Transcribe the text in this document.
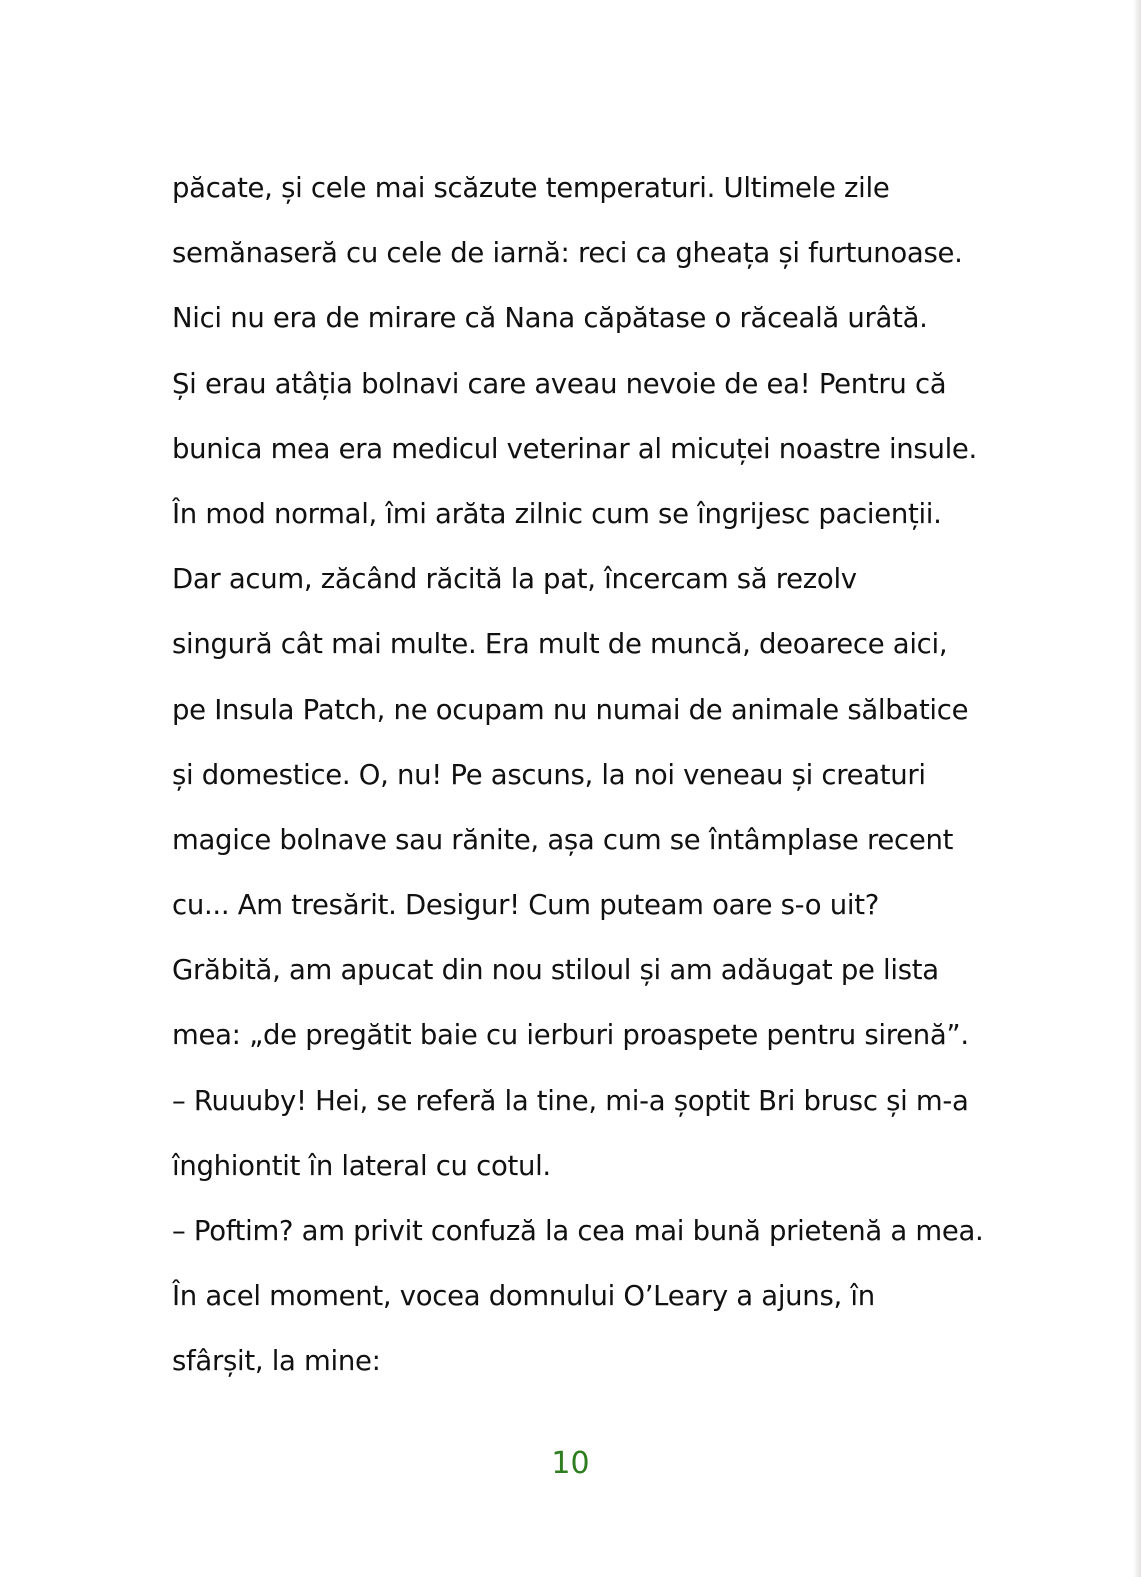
păcate, și cele mai scăzute temperaturi. Ultimele zile
semănaseră cu cele de iarnă: reci ca gheața și furtunoase.
Nici nu era de mirare că Nana căpătase o răceală urâtă.
Și erau atâția bolnavi care aveau nevoie de ea! Pentru că
bunica mea era medicul veterinar al micuței noastre insule.
În mod normal, îmi arăta zilnic cum se îngrijesc pacienții.
Dar acum, zăcând răcită la pat, încercam să rezolv
singură cât mai multe. Era mult de muncă, deoarece aici,
pe Insula Patch, ne ocupam nu numai de animale sălbatice
și domestice. O, nu! Pe ascuns, la noi veneau și creaturi
magice bolnave sau rănite, așa cum se întâmplase recent
cu... Am tresărit. Desigur! Cum puteam oare s-o uit?
Grăbită, am apucat din nou stiloul și am adăugat pe lista
mea: „de pregătit baie cu ierburi proaspete pentru sirenă”.
– Ruuuby! Hei, se referă la tine, mi-a șoptit Bri brusc și m-a
înghiontit în lateral cu cotul.
– Poftim? am privit confuză la cea mai bună prietenă a mea.
În acel moment, vocea domnului O’Leary a ajuns, în
sfârșit, la mine:
10
